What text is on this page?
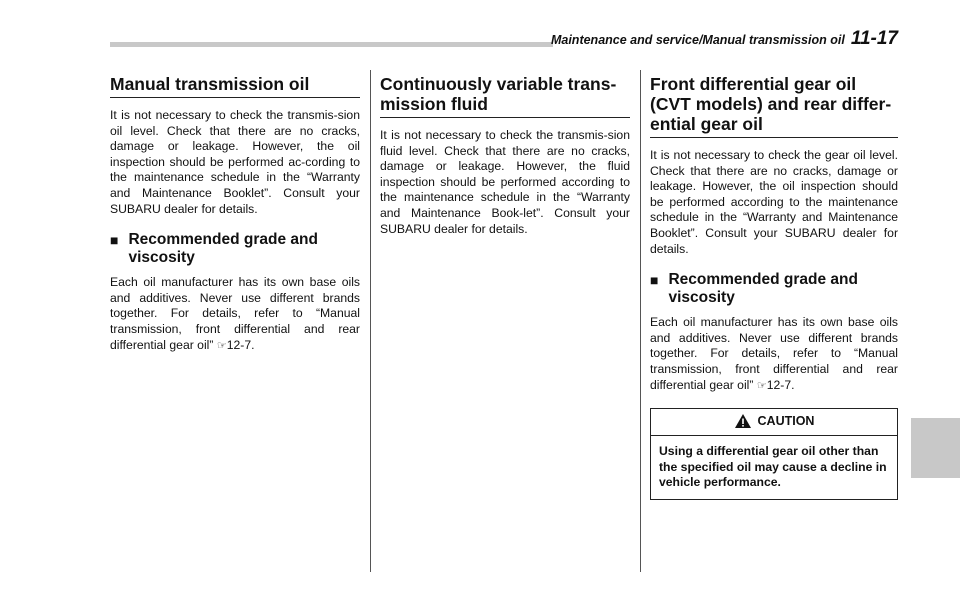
Maintenance and service/Manual transmission oil 11-17
Manual transmission oil

It is not necessary to check the transmis-sion oil level. Check that there are no cracks, damage or leakage. However, the oil inspection should be performed ac-cording to the maintenance schedule in the “Warranty and Maintenance Booklet”. Consult your SUBARU dealer for details.

■ Recommended grade and viscosity

Each oil manufacturer has its own base oils and additives. Never use different brands together. For details, refer to “Manual transmission, front differential and rear differential gear oil” ☞12-7.

Continuously variable trans-mission fluid

It is not necessary to check the transmis-sion fluid level. Check that there are no cracks, damage or leakage. However, the fluid inspection should be performed according to the maintenance schedule in the “Warranty and Maintenance Book-let”. Consult your SUBARU dealer for details.

Front differential gear oil (CVT models) and rear differ-ential gear oil

It is not necessary to check the gear oil level. Check that there are no cracks, damage or leakage. However, the oil inspection should be performed according to the maintenance schedule in the “Warranty and Maintenance Booklet”. Consult your SUBARU dealer for details.

■ Recommended grade and viscosity

Each oil manufacturer has its own base oils and additives. Never use different brands together. For details, refer to “Manual transmission, front differential and rear differential gear oil” ☞12-7.

CAUTION
Using a differential gear oil other than the specified oil may cause a decline in vehicle performance.
